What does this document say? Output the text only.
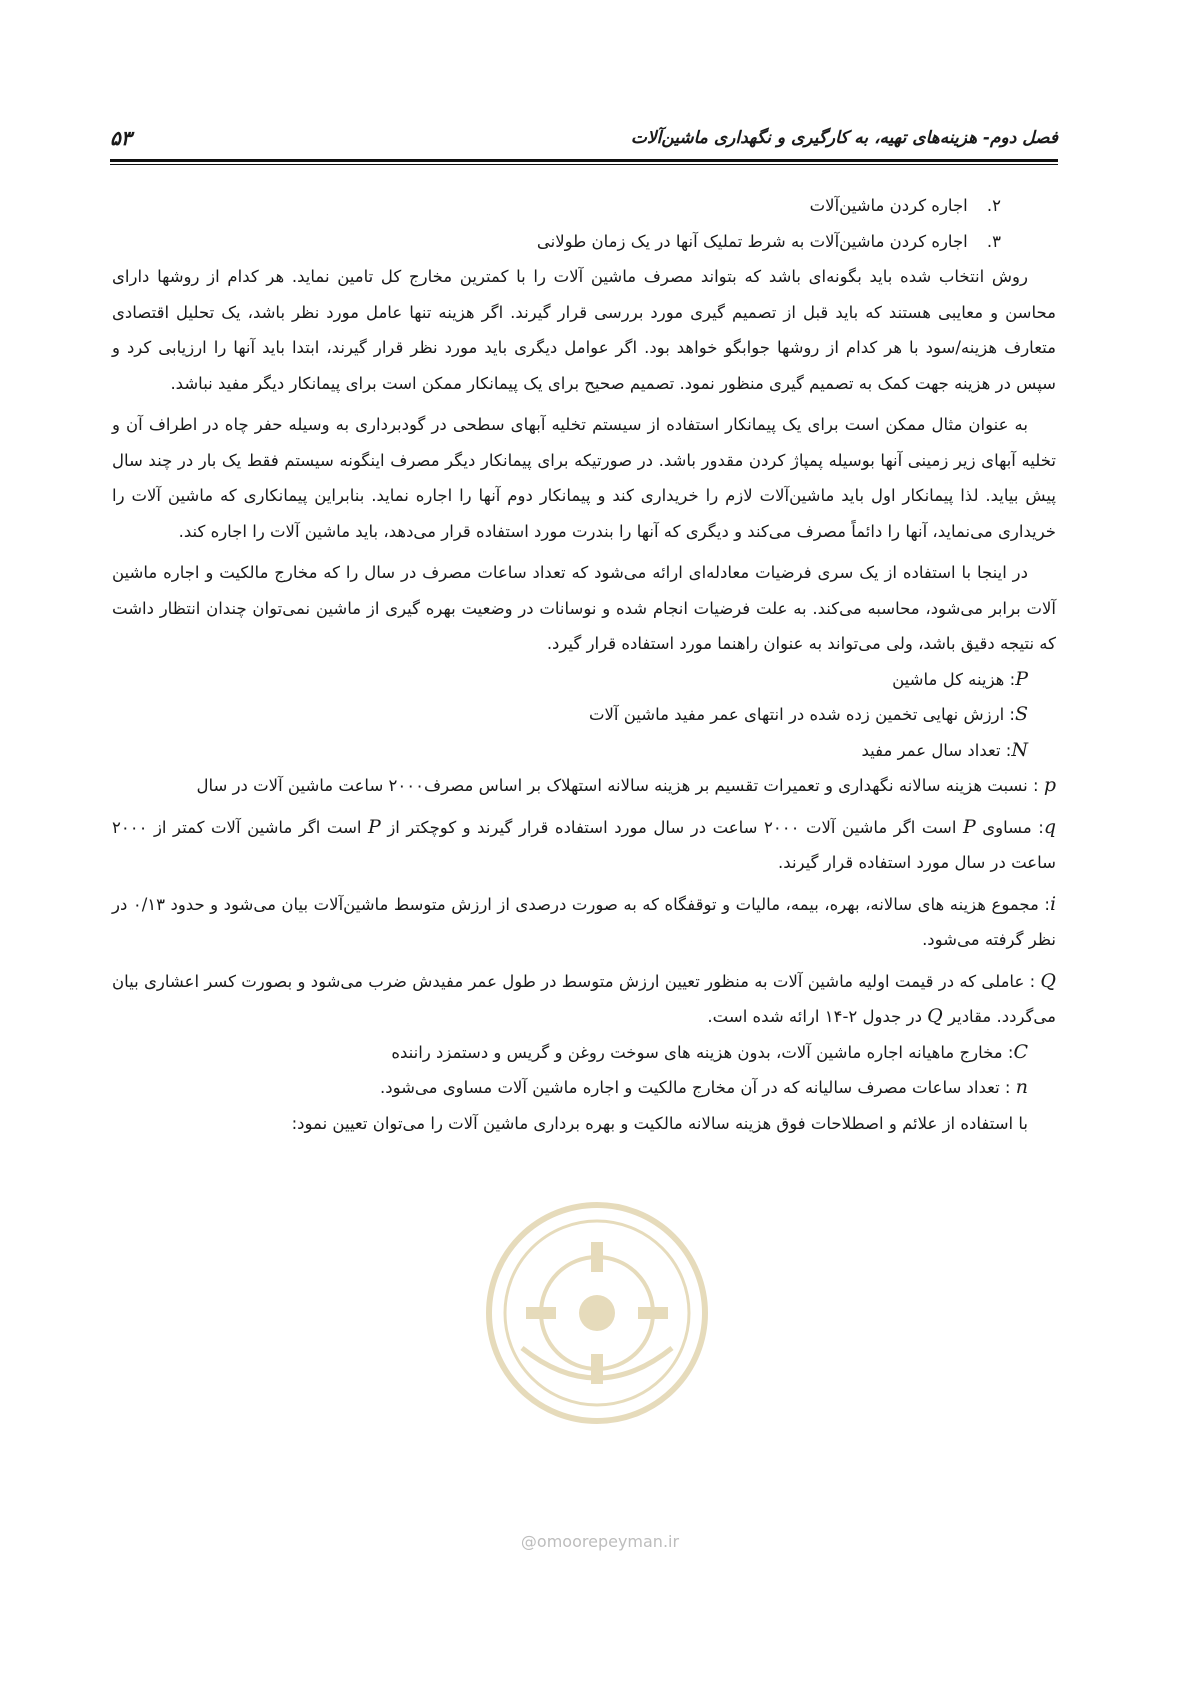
فصل دوم- هزینه‌های تهیه، به کارگیری و نگهداری ماشین‌آلات
۵۳

۲. اجاره کردن ماشین‌آلات

۳. اجاره کردن ماشین‌آلات به شرط تملیک آنها در یک زمان طولانی

روش انتخاب شده باید بگونه‌ای باشد که بتواند مصرف ماشین آلات را با کمترین مخارج کل تامین نماید. هر کدام از روشها دارای محاسن و معایبی هستند که باید قبل از تصمیم گیری مورد بررسی قرار گیرند. اگر هزینه تنها عامل مورد نظر باشد، یک تحلیل اقتصادی متعارف هزینه/سود با هر کدام از روشها جوابگو خواهد بود. اگر عوامل دیگری باید مورد نظر قرار گیرند، ابتدا باید آنها را ارزیابی کرد و سپس در هزینه جهت کمک به تصمیم گیری منظور نمود. تصمیم صحیح برای یک پیمانکار ممکن است برای پیمانکار دیگر مفید نباشد.

به عنوان مثال ممکن است برای یک پیمانکار استفاده از سیستم تخلیه آبهای سطحی در گودبرداری به وسیله حفر چاه در اطراف آن و تخلیه آبهای زیر زمینی آنها بوسیله پمپاژ کردن مقدور باشد. در صورتیکه برای پیمانکار دیگر مصرف اینگونه سیستم فقط یک بار در چند سال پیش بیاید. لذا پیمانکار اول باید ماشین‌آلات لازم را خریداری کند و پیمانکار دوم آنها را اجاره نماید. بنابراین پیمانکاری که ماشین آلات را خریداری می‌نماید، آنها را دائماً مصرف می‌کند و دیگری که آنها را بندرت مورد استفاده قرار می‌دهد، باید ماشین آلات را اجاره کند.

در اینجا با استفاده از یک سری فرضیات معادله‌ای ارائه می‌شود که تعداد ساعات مصرف در سال را که مخارج مالکیت و اجاره ماشین آلات برابر می‌شود، محاسبه می‌کند. به علت فرضیات انجام شده و نوسانات در وضعیت بهره گیری از ماشین نمی‌توان چندان انتظار داشت که نتیجه دقیق باشد، ولی می‌تواند به عنوان راهنما مورد استفاده قرار گیرد.

P: هزینه کل ماشین

S: ارزش نهایی تخمین زده شده در انتهای عمر مفید ماشین آلات

N: تعداد سال عمر مفید

p : نسبت هزینه سالانه نگهداری و تعمیرات تقسیم بر هزینه سالانه استهلاک بر اساس مصرف۲۰۰۰ ساعت ماشین آلات در سال

q: مساوی P است اگر ماشین آلات ۲۰۰۰ ساعت در سال مورد استفاده قرار گیرند و کوچکتر از P است اگر ماشین آلات کمتر از ۲۰۰۰ ساعت در سال مورد استفاده قرار گیرند.

i: مجموع هزینه های سالانه، بهره، بیمه، مالیات و توقفگاه که به صورت درصدی از ارزش متوسط ماشین‌آلات بیان می‌شود و حدود ۰/۱۳ در نظر گرفته می‌شود.

Q : عاملی که در قیمت اولیه ماشین آلات به منظور تعیین ارزش متوسط در طول عمر مفیدش ضرب می‌شود و بصورت کسر اعشاری بیان می‌گردد. مقادیر Q در جدول ۲-۱۴ ارائه شده است.

C: مخارج ماهیانه اجاره ماشین آلات، بدون هزینه های سوخت روغن و گریس و دستمزد راننده

n : تعداد ساعات مصرف سالیانه که در آن مخارج مالکیت و اجاره ماشین آلات مساوی می‌شود.

با استفاده از علائم و اصطلاحات فوق هزینه سالانه مالکیت و بهره برداری ماشین آلات را می‌توان تعیین نمود:

@omoorepeyman.ir
